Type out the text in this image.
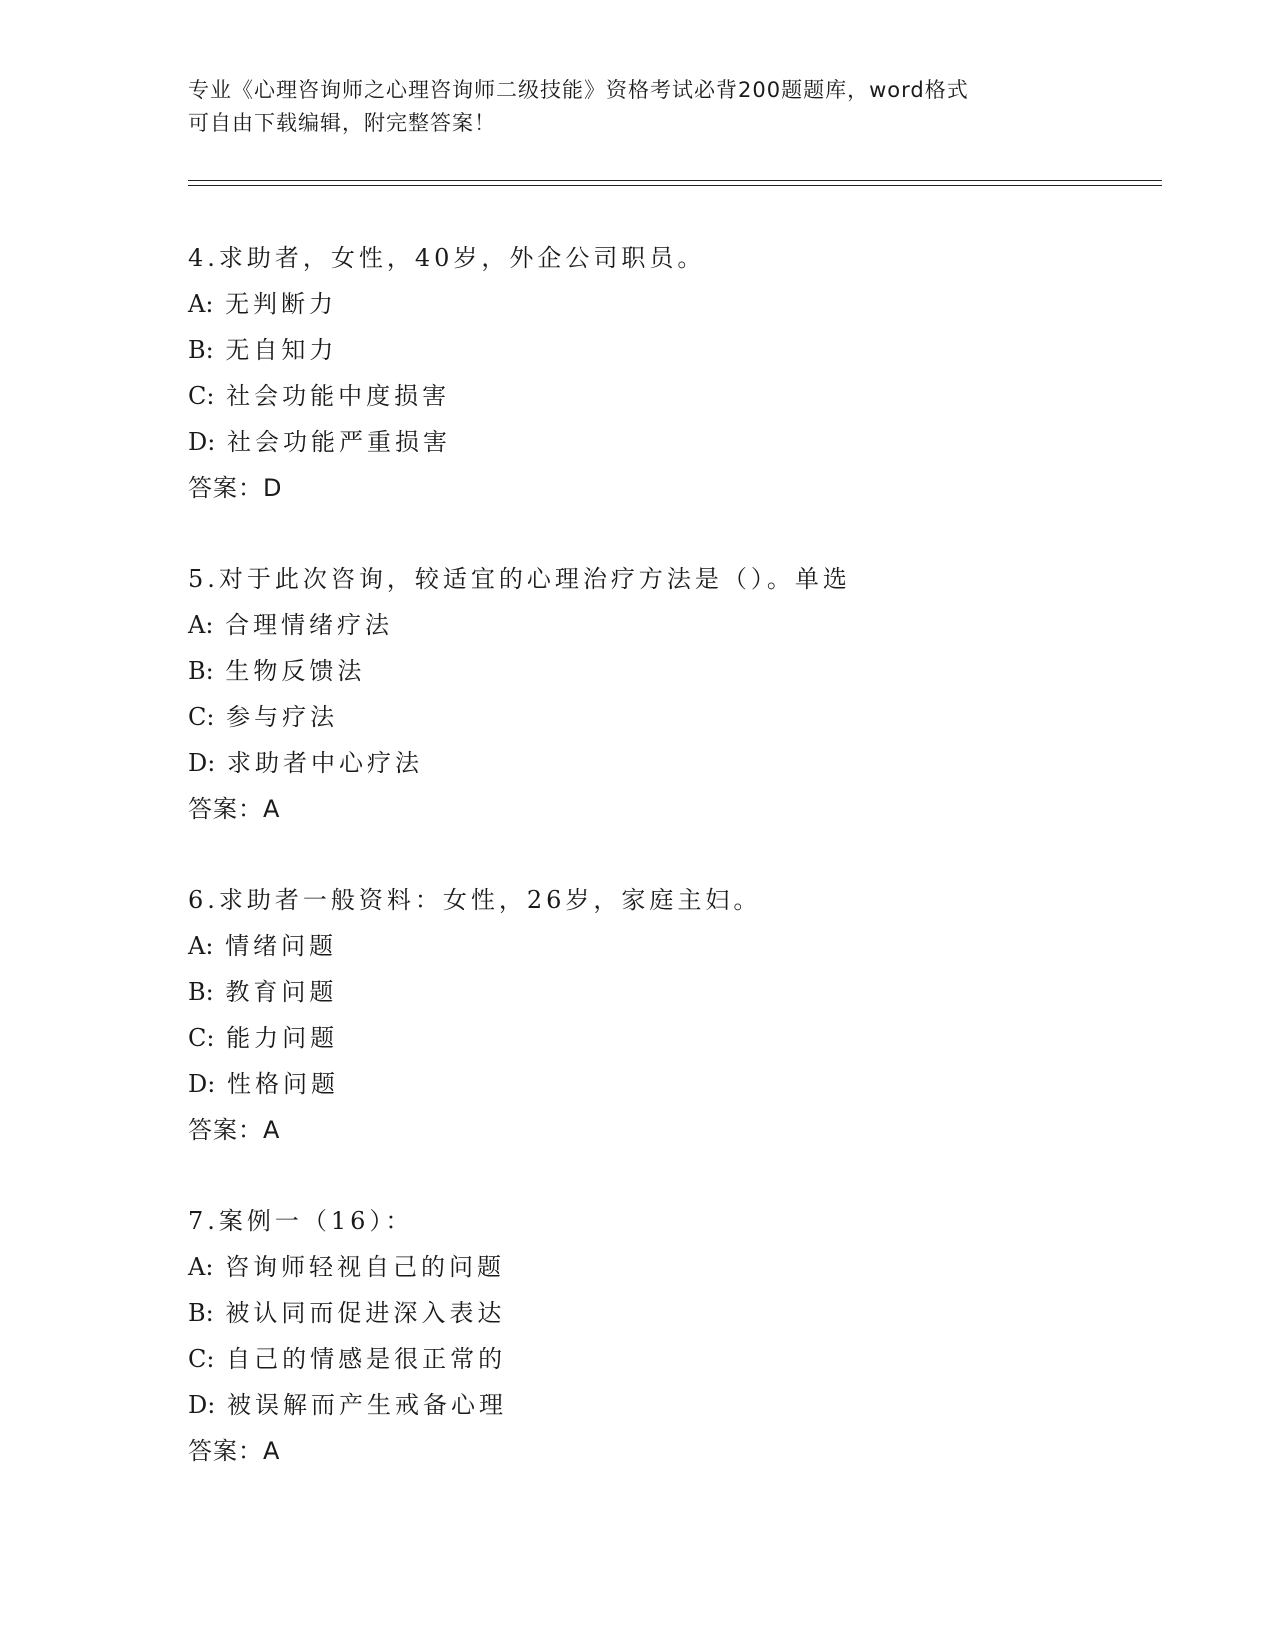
专业《心理咨询师之心理咨询师二级技能》资格考试必背200题题库，word格式
可自由下载编辑，附完整答案！
4.求助者，女性，40岁，外企公司职员。
A: 无判断力
B: 无自知力
C: 社会功能中度损害
D: 社会功能严重损害
答案：D
5.对于此次咨询，较适宜的心理治疗方法是（）。单选
A: 合理情绪疗法
B: 生物反馈法
C: 参与疗法
D: 求助者中心疗法
答案：A
6.求助者一般资料：女性，26岁，家庭主妇。
A: 情绪问题
B: 教育问题
C: 能力问题
D: 性格问题
答案：A
7.案例一（16）：
A: 咨询师轻视自己的问题
B: 被认同而促进深入表达
C: 自己的情感是很正常的
D: 被误解而产生戒备心理
答案：A
